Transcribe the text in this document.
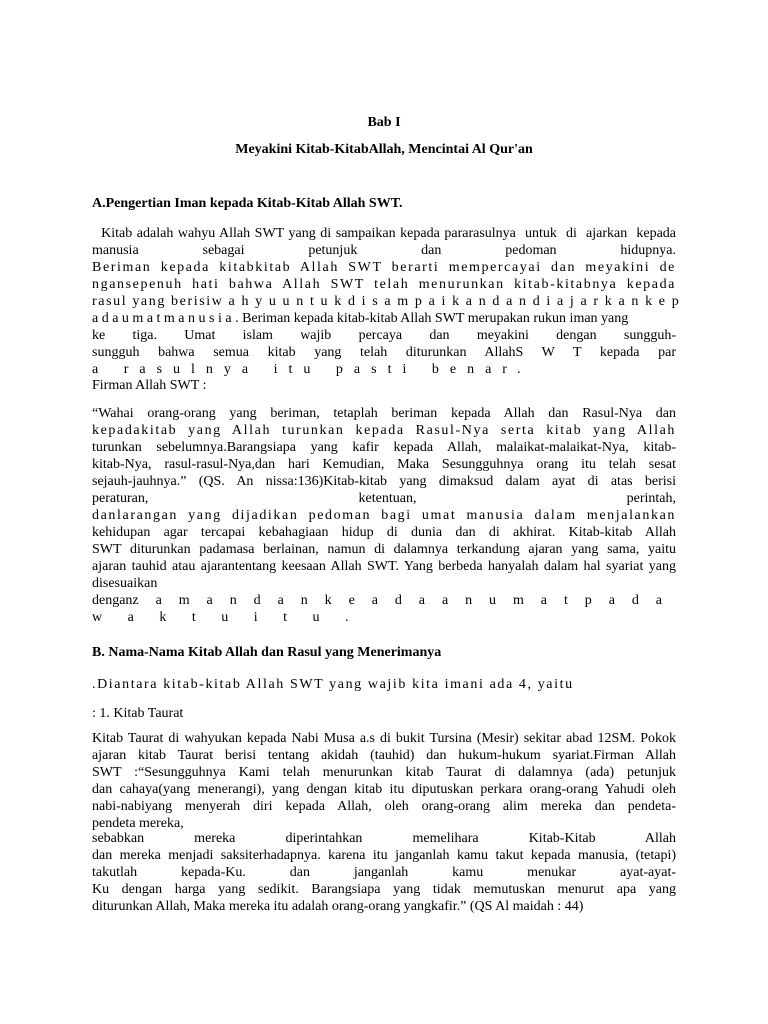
Bab I
Meyakini Kitab-KitabAllah, Mencintai Al Qur'an
A.Pengertian Iman kepada Kitab-Kitab Allah SWT.
Kitab adalah wahyu Allah SWT yang di sampaikan kepada pararasulnya  untuk  di  ajarkan  kepada
manusia sebagai petunjuk dan pedoman hidupnya.
Beriman kepada kitabkitab Allah SWT berarti mempercayai dan meyakini de
ngansepenuh hati bahwa Allah SWT telah menurunkan kitab-kitabnya kepada
rasul yang berisiw a h y u u n t u k d i s a m p a i k a n d a n d i a j a r k a n k e p
a d a u m a t m a n u s i a . Beriman kepada kitab-kitab Allah SWT merupakan rukun iman yang
ke tiga. Umat islam wajib percaya dan meyakini dengan sungguh-
sungguh bahwa semua kitab yang telah diturunkan AllahS W T kepada par
a rasulnya itu pasti benar.

Firman Allah SWT :

“Wahai orang-orang yang beriman, tetaplah beriman kepada Allah dan Rasul-Nya dan
kepadakitab yang Allah turunkan kepada Rasul-Nya serta kitab yang Allah
turunkan sebelumnya.Barangsiapa yang kafir kepada Allah, malaikat-malaikat-Nya, kitab-
kitab-Nya, rasul-rasul-Nya,dan hari Kemudian, Maka Sesungguhnya orang itu telah sesat
sejauh-jauhnya.” (QS. An nissa:136)Kitab-kitab yang dimaksud dalam ayat di atas berisi
peraturan, ketentuan, perintah,
danlarangan yang dijadikan pedoman bagi umat manusia dalam menjalankan
kehidupan agar tercapai kebahagiaan hidup di dunia dan di akhirat. Kitab-kitab Allah
SWT diturunkan padamasa berlainan, namun di dalamnya terkandung ajaran yang sama, yaitu
ajaran tauhid atau ajarantentang keesaan Allah SWT. Yang berbeda hanyalah dalam hal syariat yang
disesuaikan
denganz a m a n d a n k e a d a a n u m a t p a d a
w a k t u i t u .
B. Nama-Nama Kitab Allah dan Rasul yang Menerimanya

.Diantara kitab-kitab Allah SWT yang wajib kita imani ada 4, yaitu

: 1. Kitab Taurat

Kitab Taurat di wahyukan kepada Nabi Musa a.s di bukit Tursina (Mesir) sekitar abad 12SM. Pokok
ajaran kitab Taurat berisi tentang akidah (tauhid) dan hukum-hukum syariat.Firman Allah
SWT :“Sesungguhnya Kami telah menurunkan kitab Taurat di dalamnya (ada) petunjuk
dan cahaya(yang menerangi), yang dengan kitab itu diputuskan perkara orang-orang Yahudi oleh
nabi-nabiyang menyerah diri kepada Allah, oleh orang-orang alim mereka dan pendeta-
pendeta mereka,
sebabkan mereka diperintahkan memelihara Kitab-Kitab Allah
dan mereka menjadi saksiterhadapnya. karena itu janganlah kamu takut kepada manusia, (tetapi)
takutlah kepada-Ku. dan janganlah kamu menukar ayat-ayat-
Ku dengan harga yang sedikit. Barangsiapa yang tidak memutuskan menurut apa yang
diturunkan Allah, Maka mereka itu adalah orang-orang yangkafir.” (QS Al maidah : 44)
